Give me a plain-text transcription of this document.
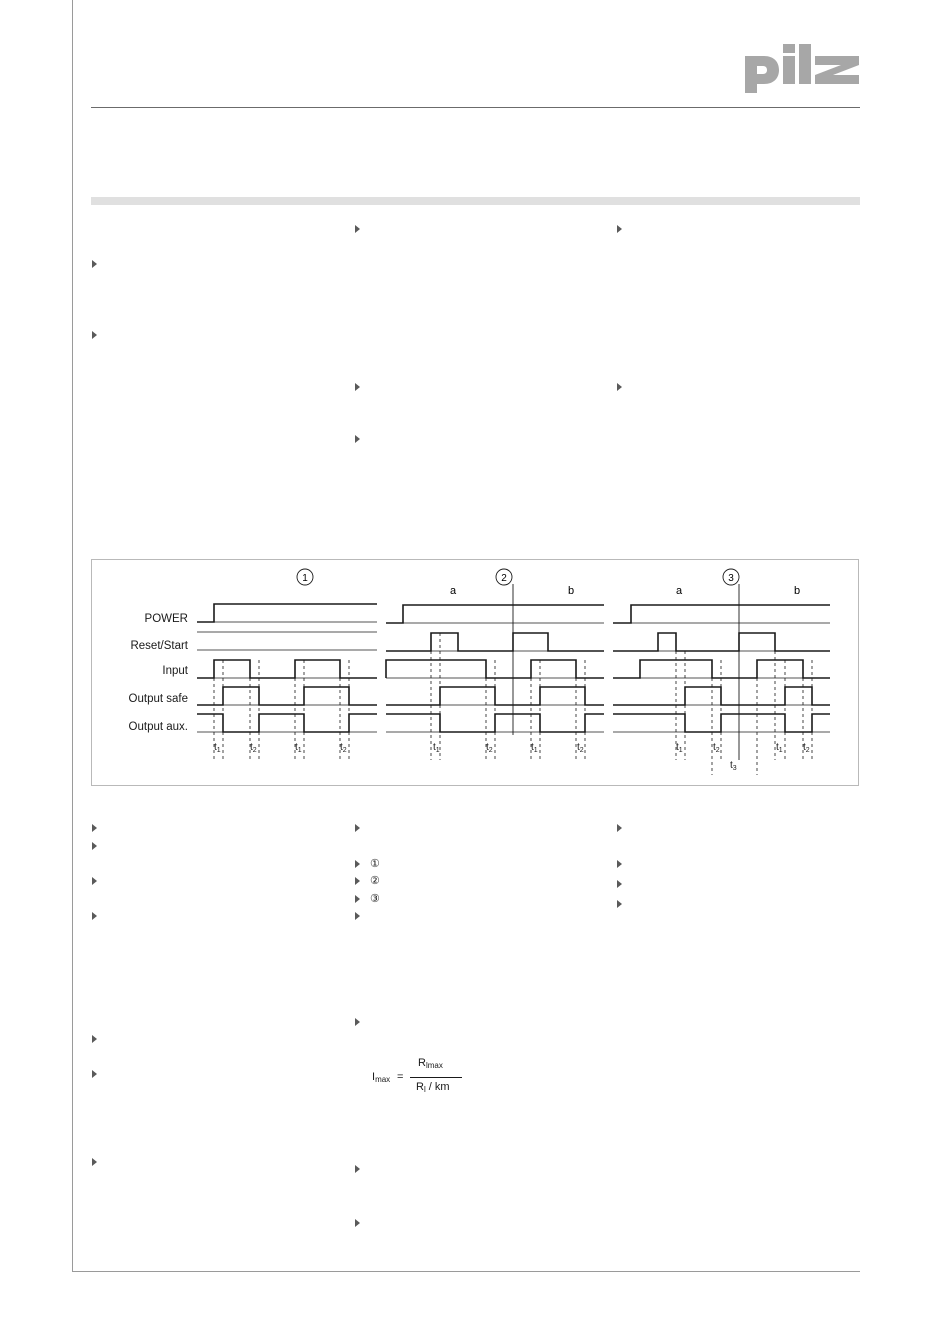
①
②
③
POWER
Reset/Start
Input
Output safe
Output aux.
1	2	3
a	b	a	b
$t_1$	$t_2$	$t_1$	$t_2$	$t_1$	$t_2$	$t_1$	$t_2$	$t_1$	$t_2$
$t_3$
$t_1$ $t_2$
Imax =
Rlmax
Rl / km
